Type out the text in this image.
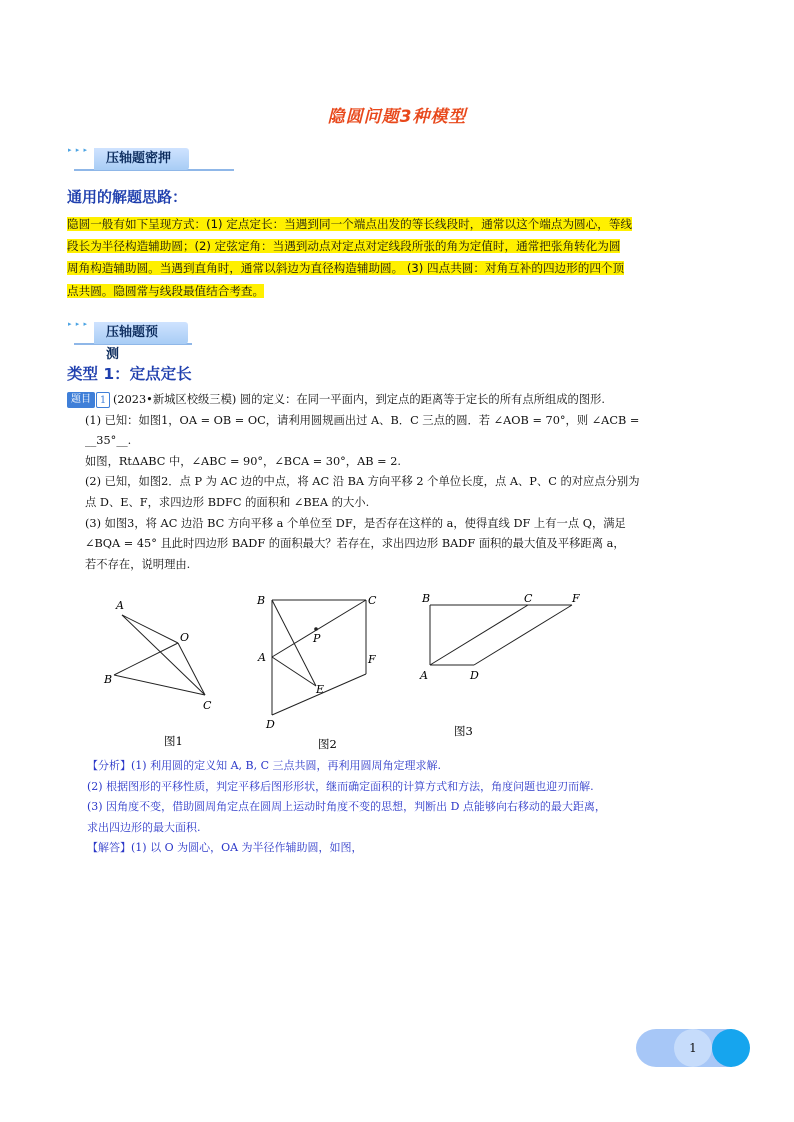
隐圆问题3种模型
▸ ▸ ▸
压轴题密押
通用的解题思路：
隐圆一般有如下呈现方式：(1) 定点定长：当遇到同一个端点出发的等长线段时，通常以这个端点为圆心，等线
段长为半径构造辅助圆；(2) 定弦定角：当遇到动点对定点对定线段所张的角为定值时，通常把张角转化为圆
周角构造辅助圆。当遇到直角时，通常以斜边为直径构造辅助圆。 (3) 四点共圆：对角互补的四边形的四个顶
点共圆。隐圆常与线段最值结合考查。
▸ ▸ ▸
压轴题预测
类型 1：定点定长
题目 1 (2023•新城区校级三模) 圆的定义：在同一平面内，到定点的距离等于定长的所有点所组成的图形.
(1) 已知：如图1，OA = OB = OC，请利用圆规画出过 A、B．C 三点的圆．若 ∠AOB = 70°，则 ∠ACB =
__35°__.
如图，RtΔABC 中，∠ABC = 90°，∠BCA = 30°，AB = 2.
(2) 已知，如图2．点 P 为 AC 边的中点，将 AC 沿 BA 方向平移 2 个单位长度，点 A、P、C 的对应点分别为
点 D、E、F，求四边形 BDFC 的面积和 ∠BEA 的大小.
(3) 如图3，将 AC 边沿 BC 方向平移 a 个单位至 DF，是否存在这样的 a，使得直线 DF 上有一点 Q，满足
∠BQA = 45° 且此时四边形 BADF 的面积最大？若存在，求出四边形 BADF 面积的最大值及平移距离 a，
若不存在，说明理由.
A
O
B
C
图1
B	C
P
A	F
E
D
图2
B	C	F
A	D
图3
【分析】(1) 利用圆的定义知 A, B, C 三点共圆，再利用圆周角定理求解.
(2) 根据图形的平移性质，判定平移后图形形状，继而确定面积的计算方式和方法，角度问题也迎刃而解.
(3) 因角度不变，借助圆周角定点在圆周上运动时角度不变的思想，判断出 D 点能够向右移动的最大距离，
求出四边形的最大面积.
【解答】(1) 以 O 为圆心，OA 为半径作辅助圆，如图，
1
